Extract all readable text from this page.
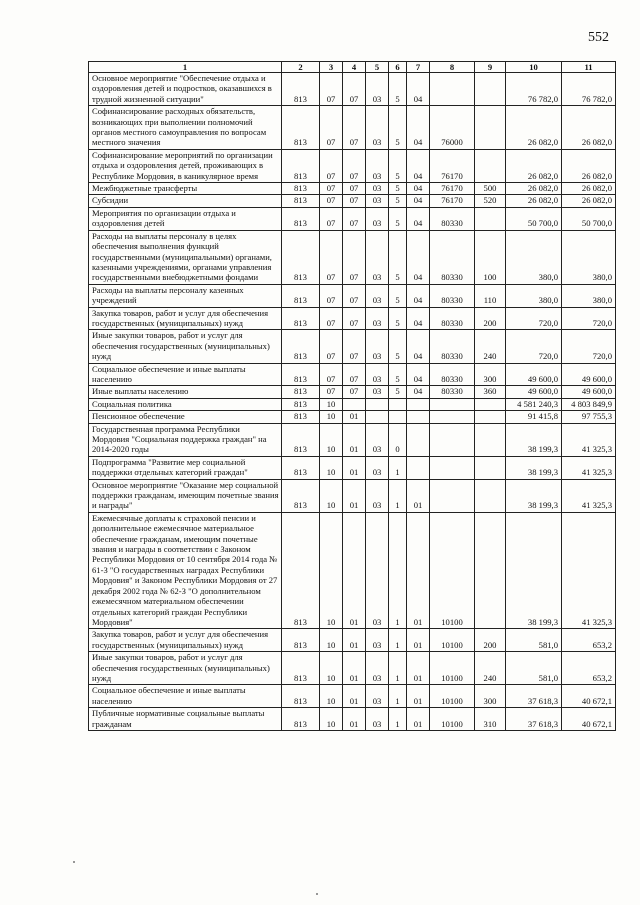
552
1	2	3	4	5	6	7	8	9	10	11
Основное мероприятие "Обеспечение отдыха и оздоровления детей и подростков, оказавшихся в трудной жизненной ситуации"	813	07	07	03	5	04			76 782,0	76 782,0
Софинансирование расходных обязательств, возникающих при выполнении полномочий органов местного самоуправления по вопросам местного значения	813	07	07	03	5	04	76000		26 082,0	26 082,0
Софинансирование мероприятий по организации отдыха и оздоровления детей, проживающих в Республике Мордовия, в каникулярное время	813	07	07	03	5	04	76170		26 082,0	26 082,0
Межбюджетные трансферты	813	07	07	03	5	04	76170	500	26 082,0	26 082,0
Субсидии	813	07	07	03	5	04	76170	520	26 082,0	26 082,0
Мероприятия по организации отдыха и оздоровления детей	813	07	07	03	5	04	80330		50 700,0	50 700,0
Расходы на выплаты персоналу в целях обеспечения выполнения функций государственными (муниципальными) органами, казенными учреждениями, органами управления государственными внебюджетными фондами	813	07	07	03	5	04	80330	100	380,0	380,0
Расходы на выплаты персоналу казенных учреждений	813	07	07	03	5	04	80330	110	380,0	380,0
Закупка товаров, работ и услуг для обеспечения государственных (муниципальных) нужд	813	07	07	03	5	04	80330	200	720,0	720,0
Иные закупки товаров, работ и услуг для обеспечения государственных (муниципальных) нужд	813	07	07	03	5	04	80330	240	720,0	720,0
Социальное обеспечение и иные выплаты населению	813	07	07	03	5	04	80330	300	49 600,0	49 600,0
Иные выплаты населению	813	07	07	03	5	04	80330	360	49 600,0	49 600,0
Социальная политика	813	10							4 581 240,3	4 803 849,9
Пенсионное обеспечение	813	10	01						91 415,8	97 755,3
Государственная программа Республики Мордовия "Социальная поддержка граждан" на 2014-2020 годы	813	10	01	03	0				38 199,3	41 325,3
Подпрограмма "Развитие мер социальной поддержки отдельных категорий граждан"	813	10	01	03	1				38 199,3	41 325,3
Основное мероприятие "Оказание мер социальной поддержки гражданам, имеющим почетные звания и награды"	813	10	01	03	1	01			38 199,3	41 325,3
Ежемесячные доплаты к страховой пенсии и дополнительное ежемесячное материальное обеспечение гражданам, имеющим почетные звания и награды в соответствии с Законом Республики Мордовия от 10 сентября 2014 года № 61-З "О государственных наградах Республики Мордовия" и Законом Республики Мордовия от 27 декабря 2002 года № 62-З "О дополнительном ежемесячном материальном обеспечении отдельных категорий граждан Республики Мордовия"	813	10	01	03	1	01	10100		38 199,3	41 325,3
Закупка товаров, работ и услуг для обеспечения государственных (муниципальных) нужд	813	10	01	03	1	01	10100	200	581,0	653,2
Иные закупки товаров, работ и услуг для обеспечения государственных (муниципальных) нужд	813	10	01	03	1	01	10100	240	581,0	653,2
Социальное обеспечение и иные выплаты населению	813	10	01	03	1	01	10100	300	37 618,3	40 672,1
Публичные нормативные социальные выплаты гражданам	813	10	01	03	1	01	10100	310	37 618,3	40 672,1
